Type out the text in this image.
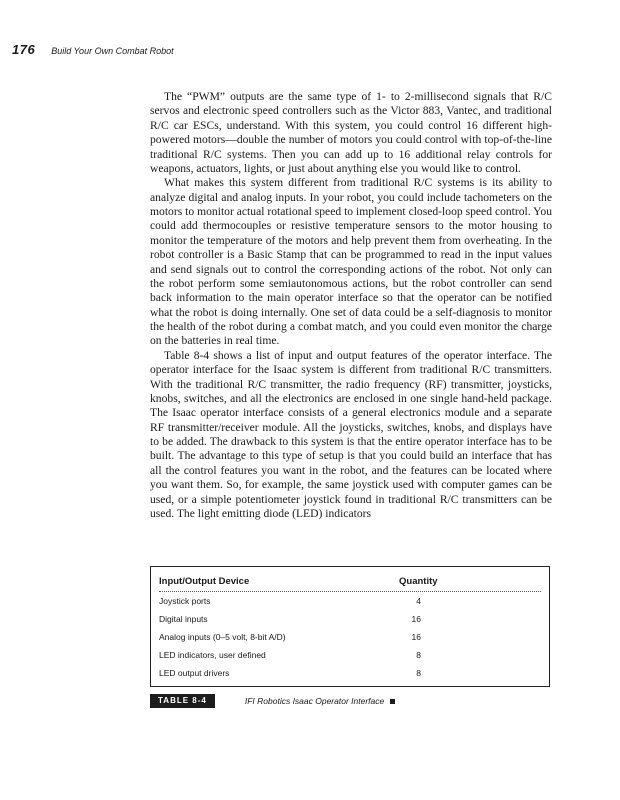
176 Build Your Own Combat Robot

The “PWM” outputs are the same type of 1- to 2-millisecond signals that R/C servos and electronic speed controllers such as the Victor 883, Vantec, and traditional R/C car ESCs, understand. With this system, you could control 16 different high-powered motors—double the number of motors you could control with top-of-the-line traditional R/C systems. Then you can add up to 16 additional relay controls for weapons, actuators, lights, or just about anything else you would like to control.

What makes this system different from traditional R/C systems is its ability to analyze digital and analog inputs. In your robot, you could include tachometers on the motors to monitor actual rotational speed to implement closed-loop speed control. You could add thermocouples or resistive temperature sensors to the motor housing to monitor the temperature of the motors and help prevent them from overheating. In the robot controller is a Basic Stamp that can be programmed to read in the input values and send signals out to control the corresponding actions of the robot. Not only can the robot perform some semiautonomous actions, but the robot controller can send back information to the main operator interface so that the operator can be notified what the robot is doing internally. One set of data could be a self-diagnosis to monitor the health of the robot during a combat match, and you could even monitor the charge on the batteries in real time.

Table 8-4 shows a list of input and output features of the operator interface. The operator interface for the Isaac system is different from traditional R/C transmitters. With the traditional R/C transmitter, the radio frequency (RF) transmitter, joysticks, knobs, switches, and all the electronics are enclosed in one single hand-held package. The Isaac operator interface consists of a general electronics module and a separate RF transmitter/receiver module. All the joysticks, switches, knobs, and displays have to be added. The drawback to this system is that the entire operator interface has to be built. The advantage to this type of setup is that you could build an interface that has all the control features you want in the robot, and the features can be located where you want them. So, for example, the same joystick used with computer games can be used, or a simple potentiometer joystick found in traditional R/C transmitters can be used. The light emitting diode (LED) indicators

Input/Output Device	Quantity
Joystick ports	4
Digital inputs	16
Analog inputs (0–5 volt, 8-bit A/D)	16
LED indicators, user defined	8
LED output drivers	8
TABLE 8-4	IFI Robotics Isaac Operator Interface
